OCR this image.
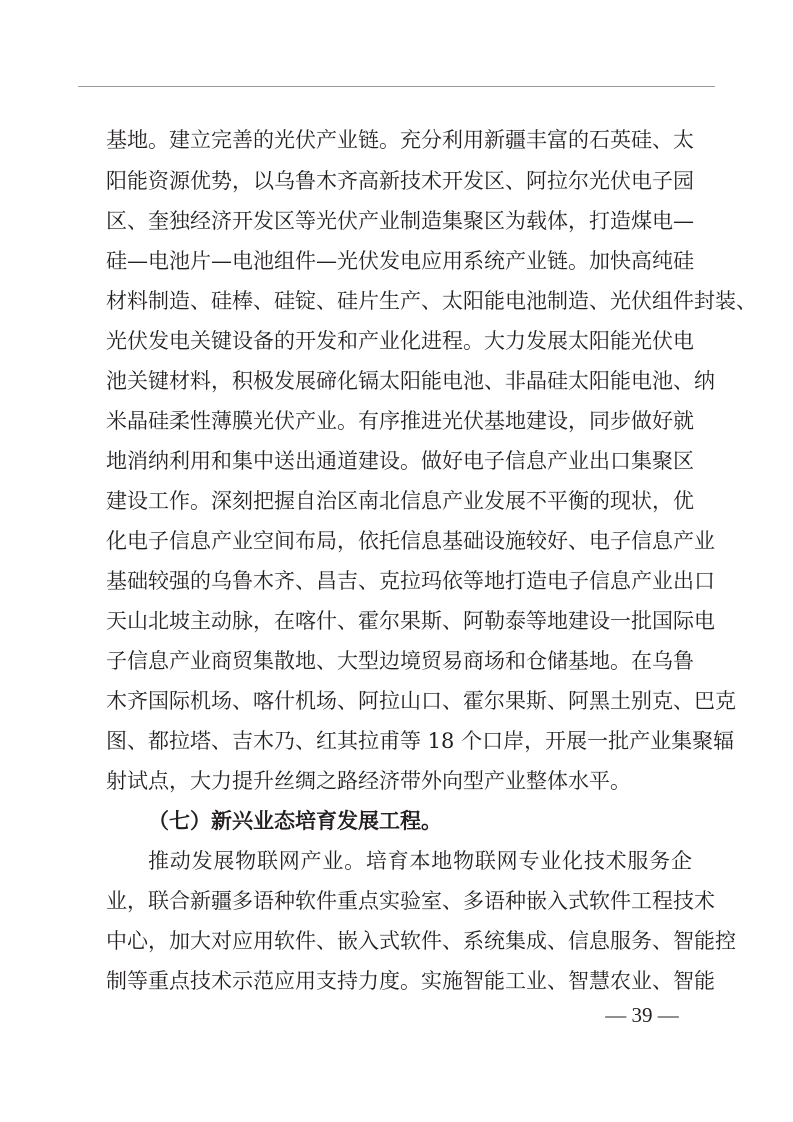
基地。建立完善的光伏产业链。充分利用新疆丰富的石英硅、太
阳能资源优势，以乌鲁木齐高新技术开发区、阿拉尔光伏电子园
区、奎独经济开发区等光伏产业制造集聚区为载体，打造煤电—
硅—电池片—电池组件—光伏发电应用系统产业链。加快高纯硅
材料制造、硅棒、硅锭、硅片生产、太阳能电池制造、光伏组件封装、
光伏发电关键设备的开发和产业化进程。大力发展太阳能光伏电
池关键材料，积极发展碲化镉太阳能电池、非晶硅太阳能电池、纳
米晶硅柔性薄膜光伏产业。有序推进光伏基地建设，同步做好就
地消纳利用和集中送出通道建设。做好电子信息产业出口集聚区
建设工作。深刻把握自治区南北信息产业发展不平衡的现状，优
化电子信息产业空间布局，依托信息基础设施较好、电子信息产业
基础较强的乌鲁木齐、昌吉、克拉玛依等地打造电子信息产业出口
天山北坡主动脉，在喀什、霍尔果斯、阿勒泰等地建设一批国际电
子信息产业商贸集散地、大型边境贸易商场和仓储基地。在乌鲁
木齐国际机场、喀什机场、阿拉山口、霍尔果斯、阿黑土别克、巴克
图、都拉塔、吉木乃、红其拉甫等 18 个口岸，开展一批产业集聚辐
射试点，大力提升丝绸之路经济带外向型产业整体水平。
（七）新兴业态培育发展工程。
推动发展物联网产业。培育本地物联网专业化技术服务企
业，联合新疆多语种软件重点实验室、多语种嵌入式软件工程技术
中心，加大对应用软件、嵌入式软件、系统集成、信息服务、智能控
制等重点技术示范应用支持力度。实施智能工业、智慧农业、智能
— 39 —
